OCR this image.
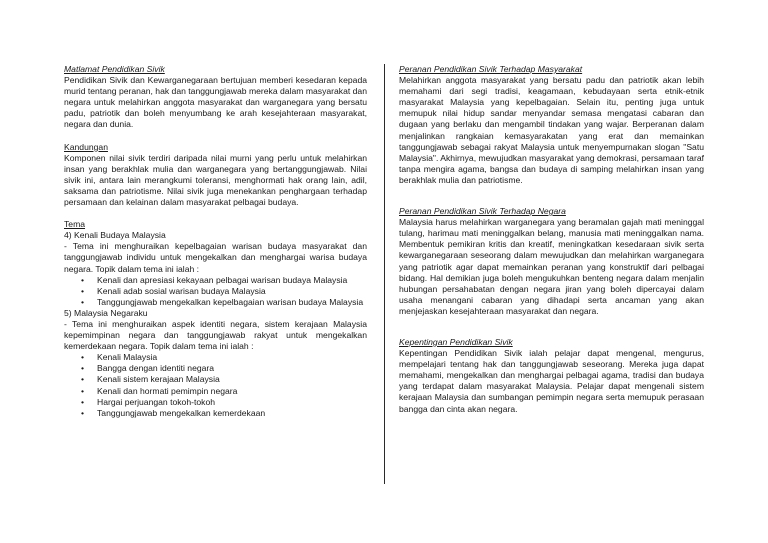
Matlamat Pendidikan Sivik

Pendidikan Sivik dan Kewarganegaraan bertujuan memberi kesedaran kepada murid tentang peranan, hak dan tanggungjawab mereka dalam masyarakat dan negara untuk melahirkan anggota masyarakat dan warganegara yang bersatu padu, patriotik dan boleh menyumbang ke arah kesejahteraan masyarakat, negara dan dunia.

Kandungan

Komponen nilai sivik terdiri daripada nilai murni yang perlu untuk melahirkan insan yang berakhlak mulia dan warganegara yang bertanggungjawab. Nilai sivik ini, antara lain merangkumi toleransi, menghormati hak orang lain, adil, saksama dan patriotisme. Nilai sivik juga menekankan penghargaan terhadap persamaan dan kelainan dalam masyarakat pelbagai budaya.

Tema
4) Kenali Budaya Malaysia

- Tema ini menghuraikan kepelbagaian warisan budaya masyarakat dan tanggungjawab individu untuk mengekalkan dan menghargai warisa budaya negara. Topik dalam tema ini ialah :

• Kenali dan apresiasi kekayaan pelbagai warisan budaya Malaysia
• Kenali adab sosial warisan budaya Malaysia
• Tanggungjawab mengekalkan kepelbagaian warisan budaya Malaysia
5) Malaysia Negaraku

- Tema ini menghuraikan aspek identiti negara, sistem kerajaan Malaysia kepemimpinan negara dan tanggungjawab rakyat untuk mengekalkan kemerdekaan negara. Topik dalam tema ini ialah :

• Kenali Malaysia
• Bangga dengan identiti negara
• Kenali sistem kerajaan Malaysia
• Kenali dan hormati pemimpin negara
• Hargai perjuangan tokoh-tokoh
• Tanggungjawab mengekalkan kemerdekaan
Peranan Pendidikan Sivik Terhadap Masyarakat

Melahirkan anggota masyarakat yang bersatu padu dan patriotik akan lebih memahami dari segi tradisi, keagamaan, kebudayaan serta etnik-etnik masyarakat Malaysia yang kepelbagaian. Selain itu, penting juga untuk memupuk nilai hidup sandar menyandar semasa mengatasi cabaran dan dugaan yang berlaku dan mengambil tindakan yang wajar. Berperanan dalam menjalinkan rangkaian kemasyarakatan yang erat dan memainkan tanggungjawab sebagai rakyat Malaysia untuk menyempurnakan slogan "Satu Malaysia". Akhirnya, mewujudkan masyarakat yang demokrasi, persamaan taraf tanpa mengira agama, bangsa dan budaya di samping melahirkan insan yang berakhlak mulia dan patriotisme.

Peranan Pendidikan Sivik Terhadap Negara

Malaysia harus melahirkan warganegara yang beramalan gajah mati meninggal tulang, harimau mati meninggalkan belang, manusia mati meninggalkan nama. Membentuk pemikiran kritis dan kreatif, meningkatkan kesedaraan sivik serta kewarganegaraan seseorang dalam mewujudkan dan melahirkan warganegara yang patriotik agar dapat memainkan peranan yang konstruktif dari pelbagai bidang. Hal demikian juga boleh mengukuhkan benteng negara dalam menjalin hubungan persahabatan dengan negara jiran yang boleh dipercayai dalam usaha menangani cabaran yang dihadapi serta ancaman yang akan menjejaskan kesejahteraan masyarakat dan negara.

Kepentingan Pendidikan Sivik

Kepentingan Pendidikan Sivik ialah pelajar dapat mengenal, mengurus, mempelajari tentang hak dan tanggungjawab seseorang. Mereka juga dapat memahami, mengekalkan dan menghargai pelbagai agama, tradisi dan budaya yang terdapat dalam masyarakat Malaysia. Pelajar dapat mengenali sistem kerajaan Malaysia dan sumbangan pemimpin negara serta memupuk perasaan bangga dan cinta akan negara.
